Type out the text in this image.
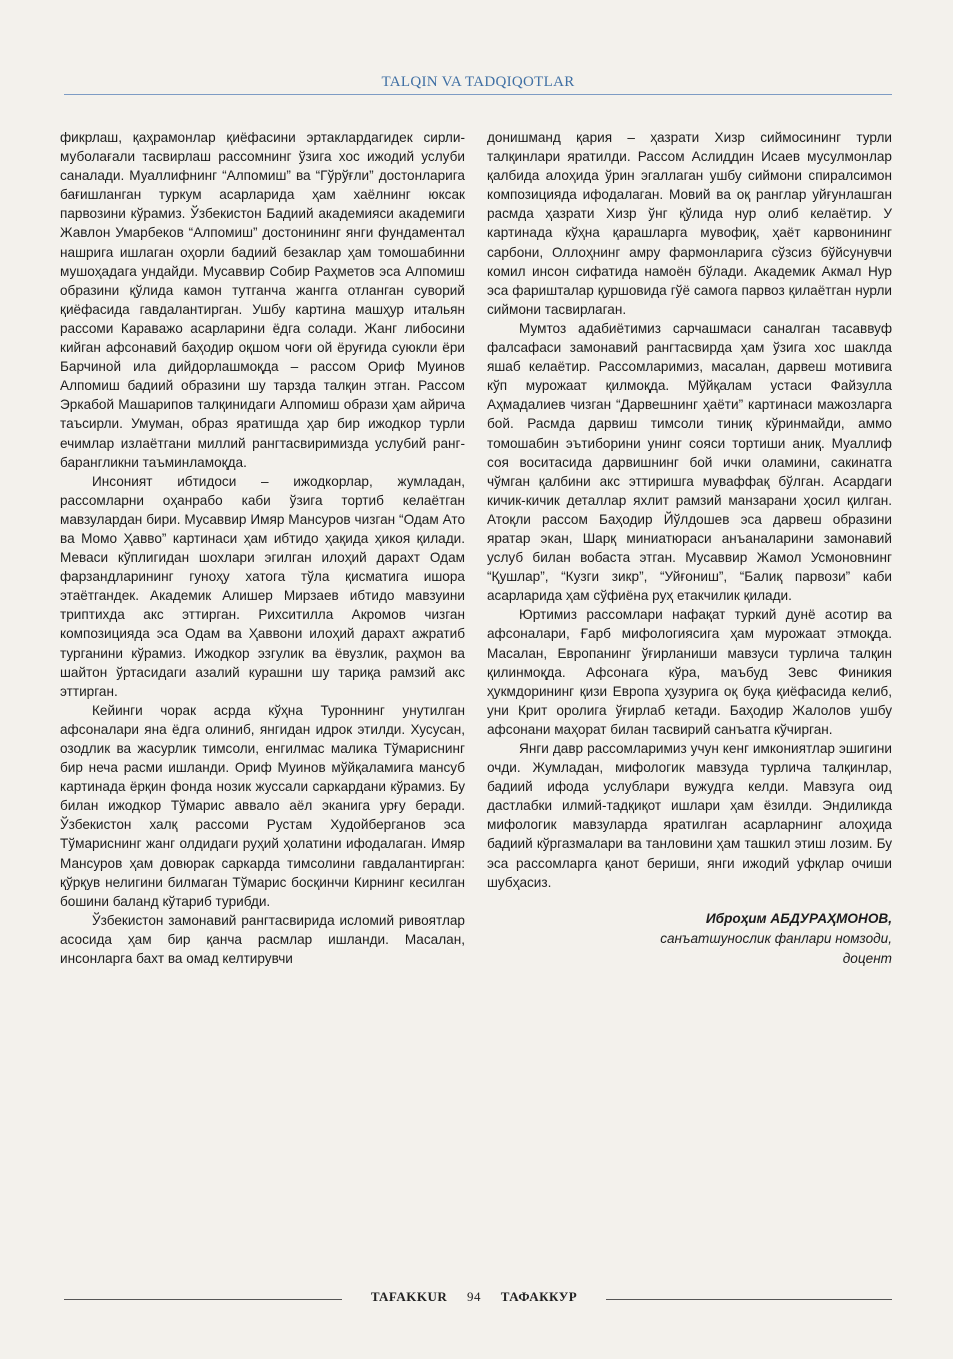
TALQIN VA TADQIQOTLAR

фикрлаш, қаҳрамонлар қиёфасини эртаклардагидек сирли-муболағали тасвирлаш рассомнинг ўзига хос ижодий услуби саналади. Муаллифнинг “Алпомиш” ва “Гўрўғли” достонларига бағишланган туркум асарларида ҳам хаёлнинг юксак парвозини кўрамиз. Ўзбекистон Бадиий академияси академиги Жавлон Умарбеков “Алпомиш” достонининг янги фундаментал нашрига ишлаган оҳорли бадиий безаклар ҳам томошабинни мушоҳадага ундайди. Мусаввир Собир Раҳметов эса Алпомиш образини қўлида камон тутганча жангга отланган суворий қиёфасида гавдалантирган. Ушбу картина машҳур итальян рассоми Караважо асарларини ёдга солади. Жанг либосини кийган афсонавий баҳодир оқшом чоғи ой ёруғида суюкли ёри Барчиной ила дийдорлашмоқда – рассом Ориф Муинов Алпомиш бадиий образини шу тарзда талқин этган. Рассом Эркабой Машарипов талқинидаги Алпомиш образи ҳам айрича таъсирли. Умуман, образ яратишда ҳар бир ижодкор турли ечимлар излаётгани миллий рангтасвиримизда услубий ранг-барангликни таъминламоқда.

Инсоният ибтидоси – ижодкорлар, жумладан, рассомларни оҳанрабо каби ўзига тортиб келаётган мавзулардан бири. Мусаввир Имяр Мансуров чизган “Одам Ато ва Момо Ҳавво” картинаси ҳам ибтидо ҳақида ҳикоя қилади. Меваси кўплигидан шохлари эгилган илоҳий дарахт Одам фарзандларининг гуноҳу хатога тўла қисматига ишора этаётгандек. Академик Алишер Мирзаев ибтидо мавзуини триптихда акс эттирган. Рихситилла Акромов чизган композицияда эса Одам ва Ҳаввони илоҳий дарахт ажратиб турганини кўрамиз. Ижодкор эзгулик ва ёвузлик, раҳмон ва шайтон ўртасидаги азалий курашни шу тариқа рамзий акс эттирган.

Кейинги чорак асрда кўҳна Туроннинг унутилган афсоналари яна ёдга олиниб, янгидан идрок этилди. Хусусан, озодлик ва жасурлик тимсоли, енгилмас малика Тўмариснинг бир неча расми ишланди. Ориф Муинов мўйқаламига мансуб картинада ёрқин фонда нозик жуссали саркардани кўрамиз. Бу билан ижодкор Тўмарис аввало аёл эканига урғу беради. Ўзбекистон халқ рассоми Рустам Худойберганов эса Тўмариснинг жанг олдидаги руҳий ҳолатини ифодалаган. Имяр Мансуров ҳам довюрак саркарда тимсолини гавдалантирган: қўрқув нелигини билмаган Тўмарис босқинчи Кирнинг кесилган бошини баланд кўтариб турибди.

Ўзбекистон замонавий рангтасвирида исломий ривоятлар асосида ҳам бир қанча расмлар ишланди. Масалан, инсонларга бахт ва омад келтирувчи

донишманд қария – ҳазрати Хизр сиймосининг турли талқинлари яратилди. Рассом Аслиддин Исаев мусулмонлар қалбида алоҳида ўрин эгаллаган ушбу сиймони спиралсимон композицияда ифодалаган. Мовий ва оқ ранглар уйғунлашган расмда ҳазрати Хизр ўнг қўлида нур олиб келаётир. У картинада кўҳна қарашларга мувофиқ, ҳаёт карвонининг сарбони, Оллоҳнинг амру фармонларига сўзсиз бўйсунувчи комил инсон сифатида намоён бўлади. Академик Акмал Нур эса фаришталар қуршовида гўё самога парвоз қилаётган нурли сиймони тасвирлаган.

Мумтоз адабиётимиз сарчашмаси саналган тасаввуф фалсафаси замонавий рангтасвирда ҳам ўзига хос шаклда яшаб келаётир. Рассомларимиз, масалан, дарвеш мотивига кўп мурожаат қилмоқда. Мўйқалам устаси Файзулла Аҳмадалиев чизган “Дарвешнинг ҳаёти” картинаси мажозларга бой. Расмда дарвиш тимсоли тиниқ кўринмайди, аммо томошабин эътиборини унинг сояси тортиши аниқ. Муаллиф соя воситасида дарвишнинг бой ички оламини, сакинатга чўмган қалбини акс эттиришга муваффақ бўлган. Асардаги кичик-кичик деталлар яхлит рамзий манзарани ҳосил қилган. Атоқли рассом Баҳодир Йўлдошев эса дарвеш образини яратар экан, Шарқ миниатюраси анъаналарини замонавий услуб билан вобаста этган. Мусаввир Жамол Усмоновнинг “Қушлар”, “Кузги зикр”, “Уйғониш”, “Балиқ парвози” каби асарларида ҳам сўфиёна руҳ етакчилик қилади.

Юртимиз рассомлари нафақат туркий дунё асотир ва афсоналари, Ғарб мифологиясига ҳам мурожаат этмоқда. Масалан, Европанинг ўғирланиши мавзуси турлича талқин қилинмоқда. Афсонага кўра, маъбуд Зевс Финикия ҳукмдорининг қизи Европа ҳузурига оқ буқа қиёфасида келиб, уни Крит оролига ўғирлаб кетади. Баҳодир Жалолов ушбу афсонани маҳорат билан тасвирий санъатга кўчирган.

Янги давр рассомларимиз учун кенг имкониятлар эшигини очди. Жумладан, мифологик мавзуда турлича талқинлар, бадиий ифода услублари вужудга келди. Мавзуга оид дастлабки илмий-тадқиқот ишлари ҳам ёзилди. Эндиликда мифологик мавзуларда яратилган асарларнинг алоҳида бадиий кўргазмалари ва танловини ҳам ташкил этиш лозим. Бу эса рассомларга қанот бериши, янги ижодий уфқлар очиши шубҳасиз.

Иброҳим АБДУРАҲМОНОВ,
санъатшунослик фанлари номзоди,
доцент
TAFAKKUR 94 ТАФАККУР
